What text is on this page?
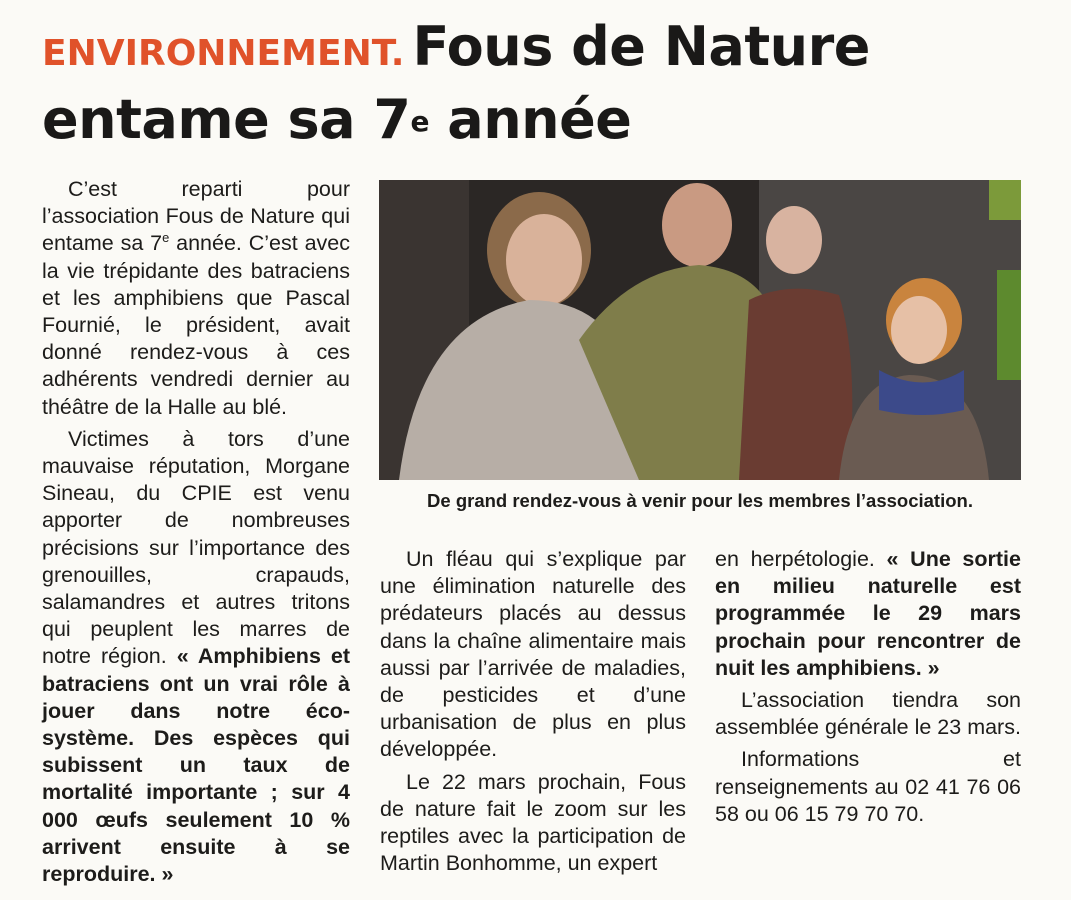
ENVIRONNEMENT. Fous de Nature
entame sa 7e année

C’est reparti pour l’association Fous de Nature qui entame sa 7e année. C’est avec la vie trépidante des batraciens et les amphibiens que Pascal Fournié, le président, avait donné rendez-vous à ces adhérents vendredi dernier au théâtre de la Halle au blé.

Victimes à tors d’une mauvaise réputation, Morgane Sineau, du CPIE est venu apporter de nombreuses précisions sur l’importance des grenouilles, crapauds, salamandres et autres tritons qui peuplent les marres de notre région. « Amphibiens et batraciens ont un vrai rôle à jouer dans notre éco-système. Des espèces qui subissent un taux de mortalité importante ; sur 4 000 œufs seulement 10 % arrivent ensuite à se reproduire. »

De grand rendez-vous à venir pour les membres l’association.

Un fléau qui s’explique par une élimination naturelle des prédateurs placés au dessus dans la chaîne alimentaire mais aussi par l’arrivée de maladies, de pesticides et d’une urbanisation de plus en plus développée.

Le 22 mars prochain, Fous de nature fait le zoom sur les reptiles avec la participation de Martin Bonhomme, un expert

en herpétologie. « Une sortie en milieu naturelle est programmée le 29 mars prochain pour rencontrer de nuit les amphibiens. »

L’association tiendra son assemblée générale le 23 mars.

Informations et renseignements au 02 41 76 06 58 ou 06 15 79 70 70.
